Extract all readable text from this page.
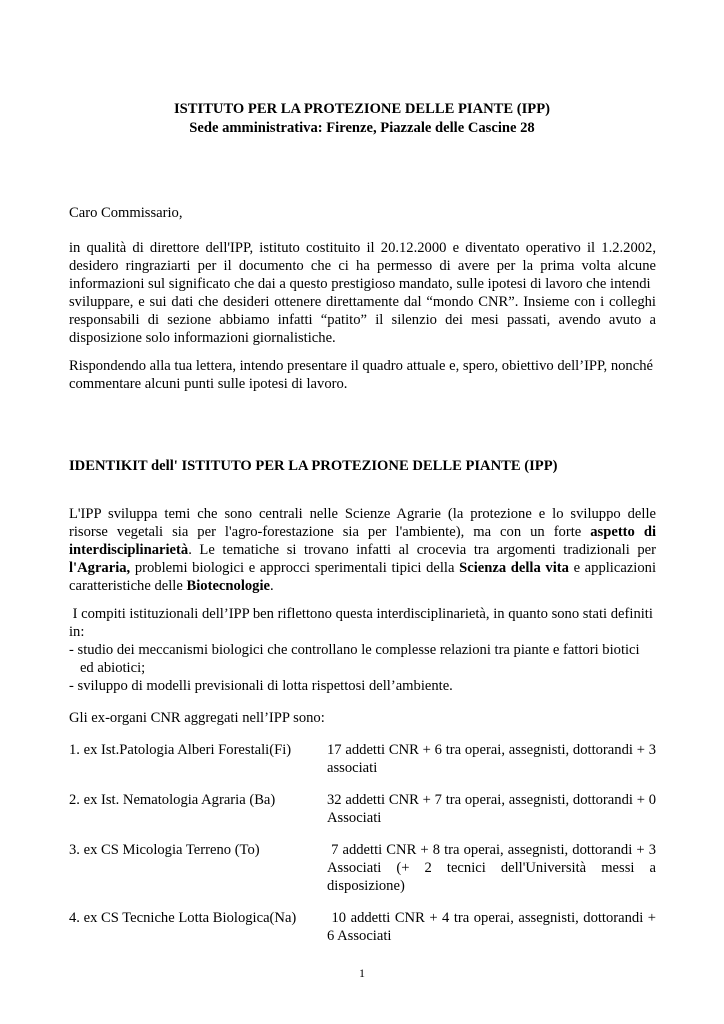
ISTITUTO PER LA PROTEZIONE DELLE PIANTE (IPP)
Sede amministrativa: Firenze, Piazzale delle Cascine 28

Caro Commissario,

in qualità di direttore dell'IPP, istituto costituito il 20.12.2000 e diventato operativo il 1.2.2002,

desidero ringraziarti per il documento che ci ha permesso di avere per la prima volta alcune

informazioni sul significato che dai a questo prestigioso mandato, sulle ipotesi di lavoro che intendi

sviluppare, e sui dati che desideri ottenere direttamente dal “mondo CNR”. Insieme con i colleghi

responsabili di sezione abbiamo infatti “patito” il silenzio dei mesi passati, avendo avuto a

disposizione solo informazioni giornalistiche.

Rispondendo alla tua lettera, intendo presentare il quadro attuale e, spero, obiettivo dell’IPP, nonché

commentare alcuni punti sulle ipotesi di lavoro.

IDENTIKIT dell' ISTITUTO PER LA PROTEZIONE DELLE PIANTE (IPP)

L'IPP sviluppa temi che sono centrali nelle Scienze Agrarie (la protezione e lo sviluppo delle

risorse vegetali sia per l'agro-forestazione sia per l'ambiente), ma con un forte aspetto di

interdisciplinarietà. Le tematiche si trovano infatti al crocevia tra argomenti tradizionali per

l'Agraria, problemi biologici e approcci sperimentali tipici della Scienza della vita e applicazioni

caratteristiche delle Biotecnologie.

I compiti istituzionali dell’IPP ben riflettono questa interdisciplinarietà, in quanto sono stati definiti

in:

- studio dei meccanismi biologici che controllano le complesse relazioni tra piante e fattori biotici

ed abiotici;

- sviluppo di modelli previsionali di lotta rispettosi dell’ambiente.

Gli ex-organi CNR aggregati nell’IPP sono:

1. ex Ist.Patologia Alberi Forestali(Fi)	17 addetti CNR + 6 tra operai, assegnisti, dottorandi + 3

associati

2. ex Ist. Nematologia Agraria (Ba)	32 addetti CNR + 7 tra operai, assegnisti, dottorandi + 0

Associati

3. ex CS Micologia Terreno (To)	7 addetti CNR + 8 tra operai, assegnisti, dottorandi + 3

Associati (+ 2 tecnici dell'Università messi a

disposizione)

4. ex CS Tecniche Lotta Biologica(Na)	10 addetti CNR + 4 tra operai, assegnisti, dottorandi +

6 Associati

1
